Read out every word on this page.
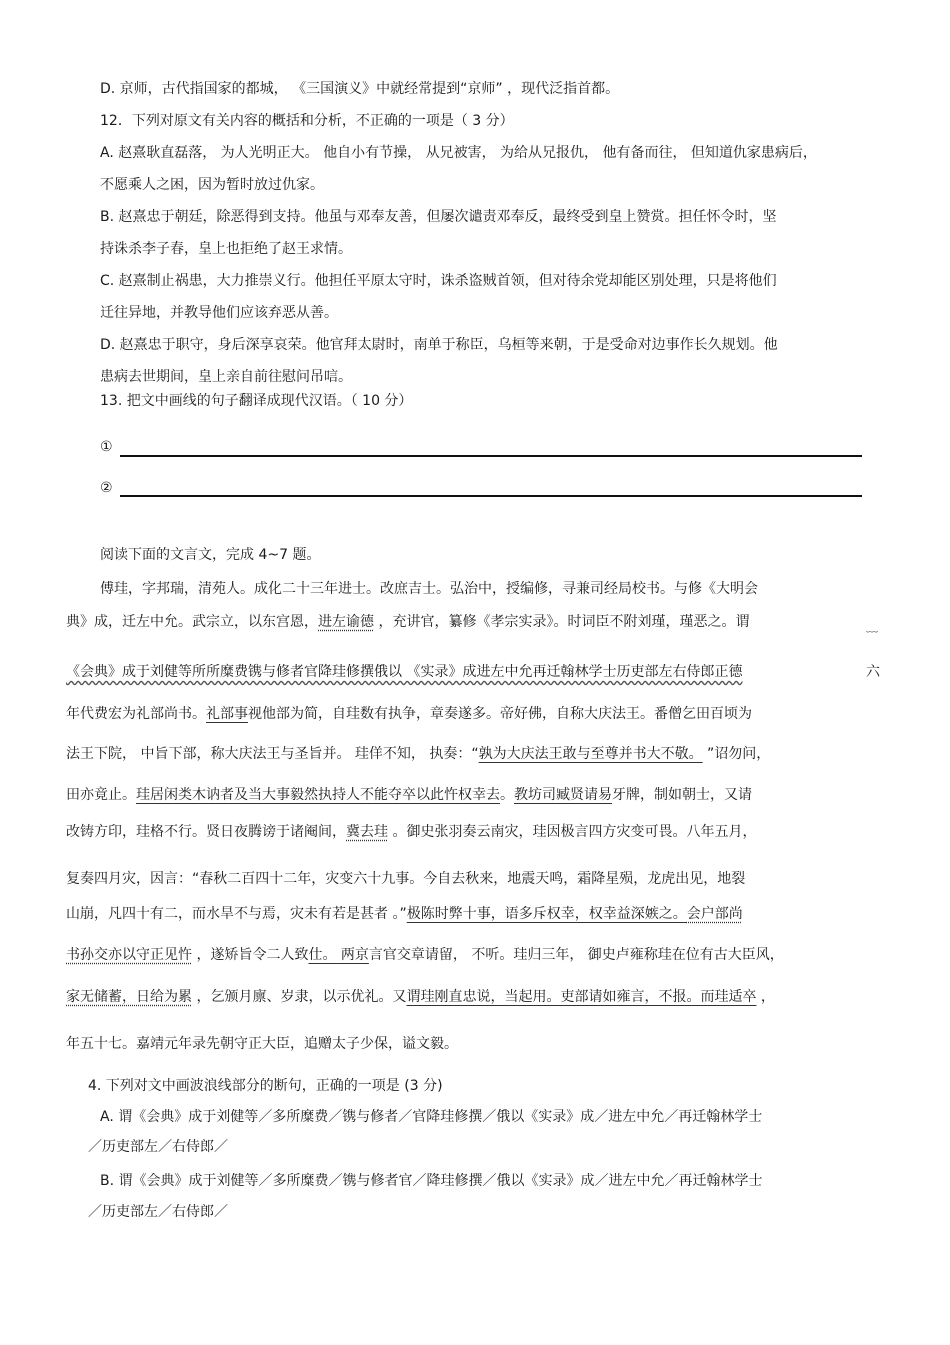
D. 京师，古代指国家的都城， 《三国演义》中就经常提到“京师” ，现代泛指首都。
12．下列对原文有关内容的概括和分析，不正确的一项是（ 3 分）
A. 赵熹耿直磊落， 为人光明正大。 他自小有节操， 从兄被害， 为给从兄报仇， 他有备而往， 但知道仇家患病后，
不愿乘人之困，因为暂时放过仇家。
B. 赵熹忠于朝廷，除恶得到支持。他虽与邓奉友善，但屡次谴责邓奉反，最终受到皇上赞赏。担任怀令时，坚
持诛杀李子春，皇上也拒绝了赵王求情。
C. 赵熹制止祸患，大力推崇义行。他担任平原太守时，诛杀盗贼首领，但对待余党却能区别处理，只是将他们
迁往异地，并教导他们应该弃恶从善。
D. 赵熹忠于职守，身后深享哀荣。他官拜太尉时，南单于称臣，乌桓等来朝，于是受命对边事作长久规划。他
患病去世期间，皇上亲自前往慰问吊唁。
13. 把文中画线的句子翻译成现代汉语。（ 10 分）
①
②
阅读下面的文言文，完成 4~7 题。
傅珪，字邦瑞，清苑人。成化二十三年进士。改庶吉士。弘治中，授编修，寻兼司经局校书。与修《大明会
典》成，迁左中允。武宗立，以东宫恩，进左谕德 ，充讲官，纂修《孝宗实录》。时词臣不附刘瑾，瑾恶之。谓	﹏
《会典》成于刘健等所所糜费镌与修者官降珪修撰俄以 《实录》成进左中允再迁翰林学士历吏部左右侍郎正德	六
年代费宏为礼部尚书。礼部事视他部为简，自珪数有执争，章奏遂多。帝好佛，自称大庆法王。番僧乞田百顷为
法王下院， 中旨下部，称大庆法王与圣旨并。 珪佯不知， 执奏：“孰为大庆法王敢与至尊并书大不敬。 ”诏勿问，
田亦竟止。珪居闲类木讷者及当大事毅然执持人不能夺卒以此忤权幸去。教坊司臧贤请易牙牌，制如朝士，又请
改铸方印，珪格不行。贤日夜腾谤于诸阉间，冀去珪 。御史张羽奏云南灾，珪因极言四方灾变可畏。八年五月，
复奏四月灾，因言：“春秋二百四十二年，灾变六十九事。今自去秋来，地震天鸣，霜降星殒，龙虎出见，地裂
山崩，凡四十有二，而水旱不与焉，灾未有若是甚者 。”极陈时弊十事，语多斥权幸，权幸益深嫉之。会户部尚
书孙交亦以守正见忤 ，遂矫旨令二人致仕。 两京言官交章请留， 不听。珪归三年， 御史卢雍称珪在位有古大臣风，
家无储蓄，日给为累 ，乞颁月廪、岁隶，以示优礼。又谓珪刚直忠说，当起用。吏部请如雍言，不报。而珪适卒 ，
年五十七。嘉靖元年录先朝守正大臣，追赠太子少保，谥文毅。
4. 下列对文中画波浪线部分的断句，正确的一项是 (3 分)
A. 谓《会典》成于刘健等／多所糜费／镌与修者／官降珪修撰／俄以《实录》成／进左中允／再迁翰林学士
／历吏部左／右侍郎／
B. 谓《会典》成于刘健等／多所糜费／镌与修者官／降珪修撰／俄以《实录》成／进左中允／再迁翰林学士
／历吏部左／右侍郎／
